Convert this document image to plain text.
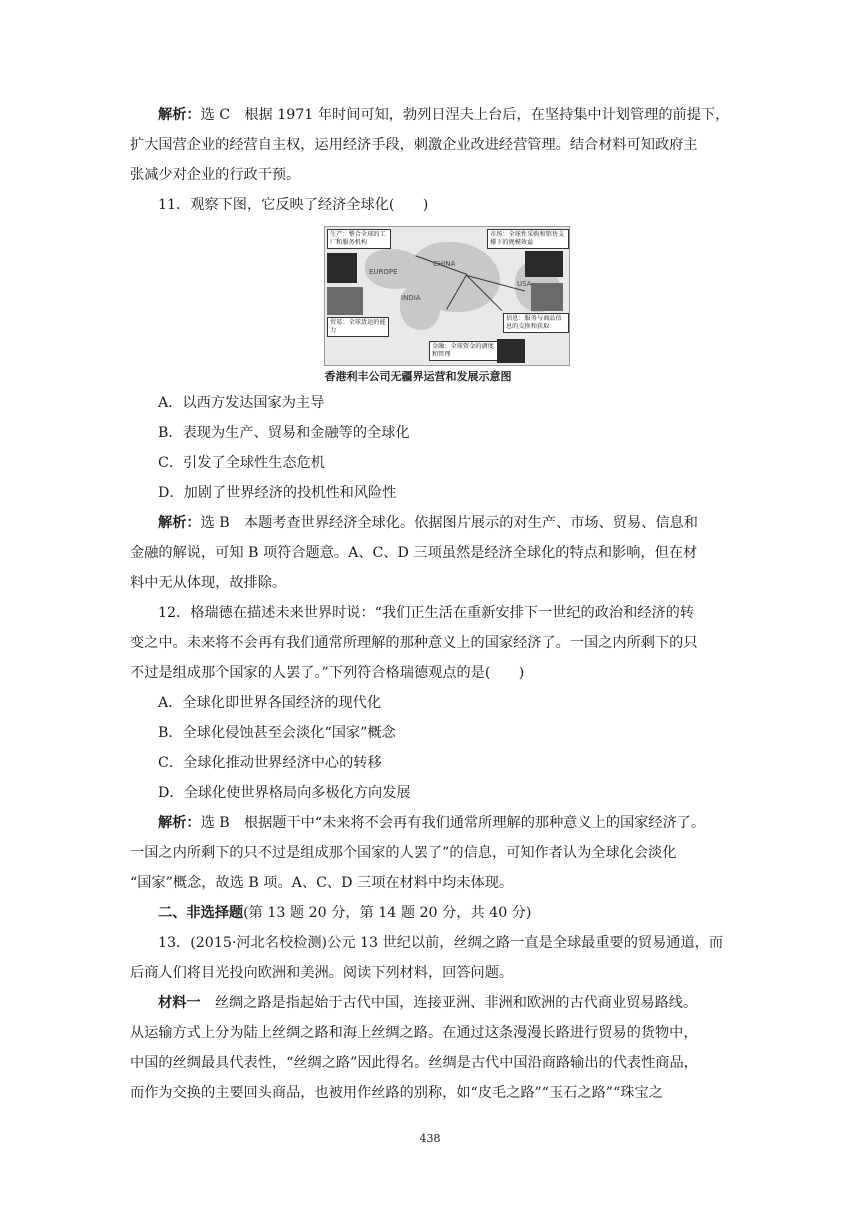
解析：选 C　根据 1971 年时间可知，勃列日涅夫上台后，在坚持集中计划管理的前提下，

扩大国营企业的经营自主权，运用经济手段，刺激企业改进经营管理。结合材料可知政府主

张减少对企业的行政干预。

11．观察下图，它反映了经济全球化(　　)

EUROPE
CHINA
INDIA
USA
生产：整合全球的工厂和服务机构
市场：全球性采购和销售支撑下的规模效益
贸易：全球货运的能力
信息：服务与商品信息的交换和获取
金融：全球资金的调度和管理

香港利丰公司无疆界运营和发展示意图

A．以西方发达国家为主导

B．表现为生产、贸易和金融等的全球化

C．引发了全球性生态危机

D．加剧了世界经济的投机性和风险性

解析：选 B　本题考查世界经济全球化。依据图片展示的对生产、市场、贸易、信息和

金融的解说，可知 B 项符合题意。A、C、D 三项虽然是经济全球化的特点和影响，但在材

料中无从体现，故排除。

12．格瑞德在描述未来世界时说：“我们正生活在重新安排下一世纪的政治和经济的转

变之中。未来将不会再有我们通常所理解的那种意义上的国家经济了。一国之内所剩下的只

不过是组成那个国家的人罢了。”下列符合格瑞德观点的是(　　)

A．全球化即世界各国经济的现代化

B．全球化侵蚀甚至会淡化“国家”概念

C．全球化推动世界经济中心的转移

D．全球化使世界格局向多极化方向发展

解析：选 B　根据题干中“未来将不会再有我们通常所理解的那种意义上的国家经济了。

一国之内所剩下的只不过是组成那个国家的人罢了”的信息，可知作者认为全球化会淡化

“国家”概念，故选 B 项。A、C、D 三项在材料中均未体现。

二、非选择题(第 13 题 20 分，第 14 题 20 分，共 40 分)

13．(2015·河北名校检测)公元 13 世纪以前，丝绸之路一直是全球最重要的贸易通道，而

后商人们将目光投向欧洲和美洲。阅读下列材料，回答问题。

材料一　丝绸之路是指起始于古代中国，连接亚洲、非洲和欧洲的古代商业贸易路线。

从运输方式上分为陆上丝绸之路和海上丝绸之路。在通过这条漫漫长路进行贸易的货物中，

中国的丝绸最具代表性，“丝绸之路”因此得名。丝绸是古代中国沿商路输出的代表性商品，

而作为交换的主要回头商品，也被用作丝路的别称，如“皮毛之路”“玉石之路”“珠宝之

438
